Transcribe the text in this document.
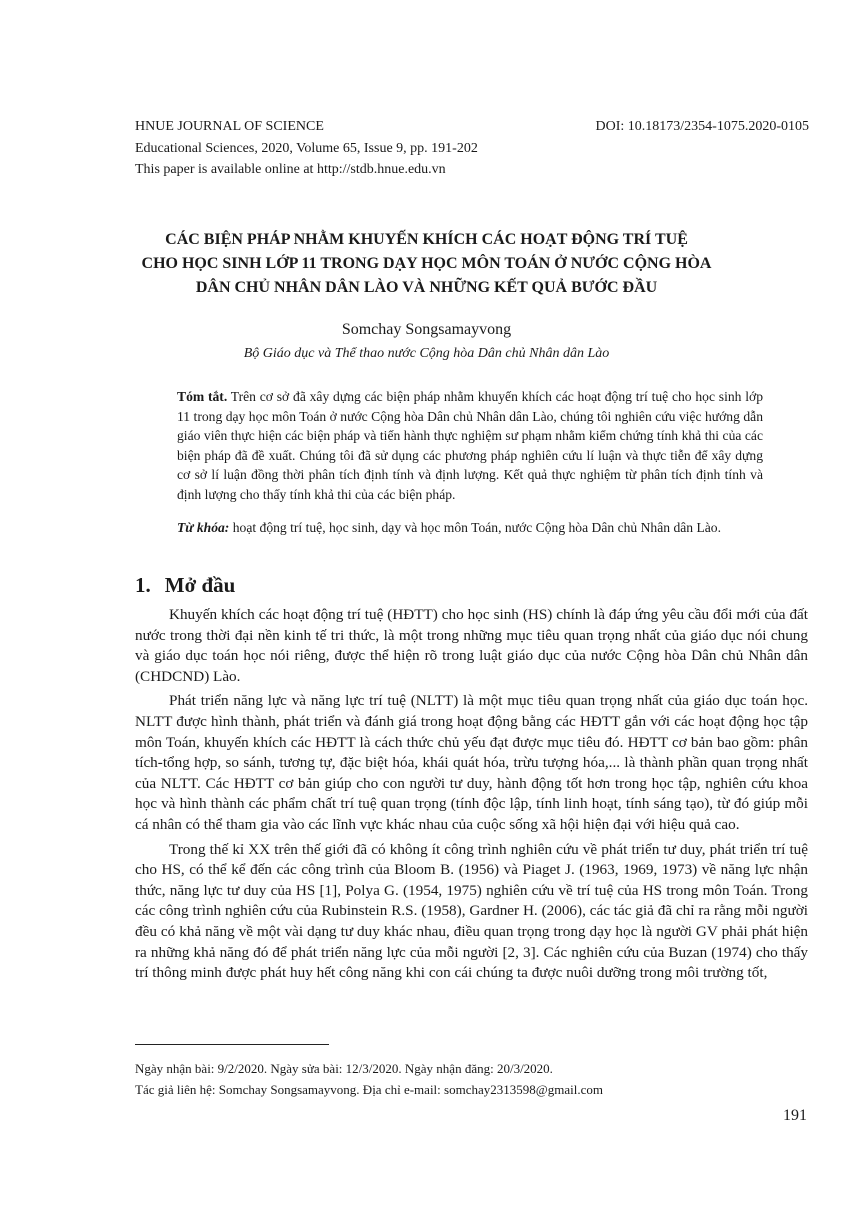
HNUE JOURNAL OF SCIENCE	DOI: 10.18173/2354-1075.2020-0105
Educational Sciences, 2020, Volume 65, Issue 9, pp. 191-202
This paper is available online at http://stdb.hnue.edu.vn
CÁC BIỆN PHÁP NHẰM KHUYẾN KHÍCH CÁC HOẠT ĐỘNG TRÍ TUỆ
CHO HỌC SINH LỚP 11 TRONG DẠY HỌC MÔN TOÁN Ở NƯỚC CỘNG HÒA
DÂN CHỦ NHÂN DÂN LÀO VÀ NHỮNG KẾT QUẢ BƯỚC ĐẦU
Somchay Songsamayvong
Bộ Giáo dục và Thể thao nước Cộng hòa Dân chủ Nhân dân Lào

Tóm tắt. Trên cơ sở đã xây dựng các biện pháp nhằm khuyến khích các hoạt động trí tuệ cho học sinh lớp 11 trong dạy học môn Toán ở nước Cộng hòa Dân chủ Nhân dân Lào, chúng tôi nghiên cứu việc hướng dẫn giáo viên thực hiện các biện pháp và tiến hành thực nghiệm sư phạm nhằm kiểm chứng tính khả thi của các biện pháp đã đề xuất. Chúng tôi đã sử dụng các phương pháp nghiên cứu lí luận và thực tiễn để xây dựng cơ sở lí luận đồng thời phân tích định tính và định lượng. Kết quả thực nghiệm từ phân tích định tính và định lượng cho thấy tính khả thi của các biện pháp.

Từ khóa: hoạt động trí tuệ, học sinh, dạy và học môn Toán, nước Cộng hòa Dân chủ Nhân dân Lào.

1. Mở đầu

Khuyến khích các hoạt động trí tuệ (HĐTT) cho học sinh (HS) chính là đáp ứng yêu cầu đổi mới của đất nước trong thời đại nền kinh tế tri thức, là một trong những mục tiêu quan trọng nhất của giáo dục nói chung và giáo dục toán học nói riêng, được thể hiện rõ trong luật giáo dục của nước Cộng hòa Dân chủ Nhân dân (CHDCND) Lào.

Phát triển năng lực và năng lực trí tuệ (NLTT) là một mục tiêu quan trọng nhất của giáo dục toán học. NLTT được hình thành, phát triển và đánh giá trong hoạt động bằng các HĐTT gắn với các hoạt động học tập môn Toán, khuyến khích các HĐTT là cách thức chủ yếu đạt được mục tiêu đó. HĐTT cơ bản bao gồm: phân tích-tổng hợp, so sánh, tương tự, đặc biệt hóa, khái quát hóa, trừu tượng hóa,... là thành phần quan trọng nhất của NLTT. Các HĐTT cơ bản giúp cho con người tư duy, hành động tốt hơn trong học tập, nghiên cứu khoa học và hình thành các phẩm chất trí tuệ quan trọng (tính độc lập, tính linh hoạt, tính sáng tạo), từ đó giúp mỗi cá nhân có thể tham gia vào các lĩnh vực khác nhau của cuộc sống xã hội hiện đại với hiệu quả cao.

Trong thế kỉ XX trên thế giới đã có không ít công trình nghiên cứu về phát triển tư duy, phát triển trí tuệ cho HS, có thể kể đến các công trình của Bloom B. (1956) và Piaget J. (1963, 1969, 1973) về năng lực nhận thức, năng lực tư duy của HS [1], Polya G. (1954, 1975) nghiên cứu về trí tuệ của HS trong môn Toán. Trong các công trình nghiên cứu của Rubinstein R.S. (1958), Gardner H. (2006), các tác giả đã chỉ ra rằng mỗi người đều có khả năng về một vài dạng tư duy khác nhau, điều quan trọng trong dạy học là người GV phải phát hiện ra những khả năng đó để phát triển năng lực của mỗi người [2, 3]. Các nghiên cứu của Buzan (1974) cho thấy trí thông minh được phát huy hết công năng khi con cái chúng ta được nuôi dưỡng trong môi trường tốt,

Ngày nhận bài: 9/2/2020. Ngày sửa bài: 12/3/2020. Ngày nhận đăng: 20/3/2020.
Tác giả liên hệ: Somchay Songsamayvong. Địa chỉ e-mail: somchay2313598@gmail.com
191
